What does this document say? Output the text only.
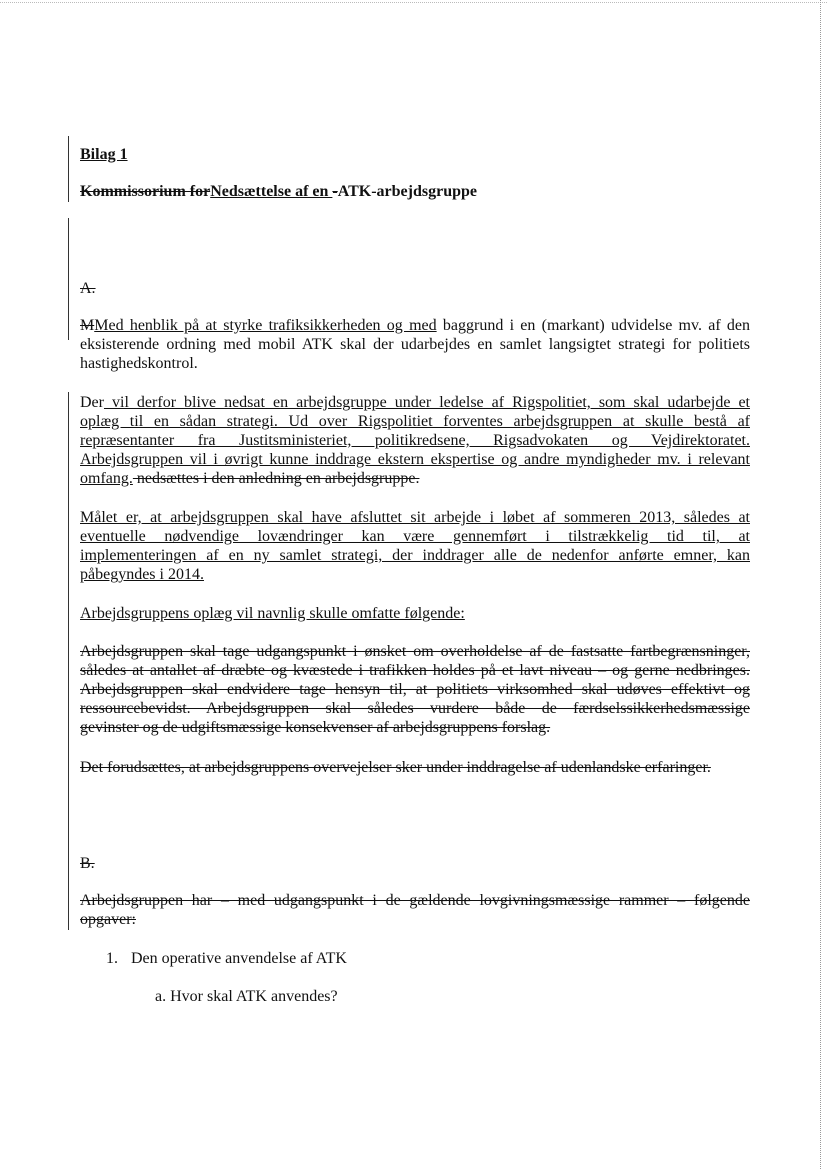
Bilag 1
Kommissorium forNedsættelse af en -ATK-arbejdsgruppe
A.
MMed henblik på at styrke trafiksikkerheden og med baggrund i en (markant) udvidelse mv. af den
eksisterende ordning med mobil ATK skal der udarbejdes en samlet langsigtet strategi for politiets
hastighedskontrol.
Der vil derfor blive nedsat en arbejdsgruppe under ledelse af Rigspolitiet, som skal udarbejde et
oplæg til en sådan strategi. Ud over Rigspolitiet forventes arbejdsgruppen at skulle bestå af
repræsentanter fra Justitsministeriet, politikredsene, Rigsadvokaten og Vejdirektoratet.
Arbejdsgruppen vil i øvrigt kunne inddrage ekstern ekspertise og andre myndigheder mv. i relevant
omfang. nedsættes i den anledning en arbejdsgruppe.
Målet er, at arbejdsgruppen skal have afsluttet sit arbejde i løbet af sommeren 2013, således at
eventuelle nødvendige lovændringer kan være gennemført i tilstrækkelig tid til, at
implementeringen af en ny samlet strategi, der inddrager alle de nedenfor anførte emner, kan
påbegyndes i 2014.
Arbejdsgruppens oplæg vil navnlig skulle omfatte følgende:
Arbejdsgruppen skal tage udgangspunkt i ønsket om overholdelse af de fastsatte fartbegrænsninger,
således at antallet af dræbte og kvæstede i trafikken holdes på et lavt niveau – og gerne nedbringes.
Arbejdsgruppen skal endvidere tage hensyn til, at politiets virksomhed skal udøves effektivt og
ressourcebevidst. Arbejdsgruppen skal således vurdere både de færdselssikkerhedsmæssige
gevinster og de udgiftsmæssige konsekvenser af arbejdsgruppens forslag.
Det forudsættes, at arbejdsgruppens overvejelser sker under inddragelse af udenlandske erfaringer.
B.
Arbejdsgruppen har – med udgangspunkt i de gældende lovgivningsmæssige rammer – følgende
opgaver:
1. Den operative anvendelse af ATK
a. Hvor skal ATK anvendes?
